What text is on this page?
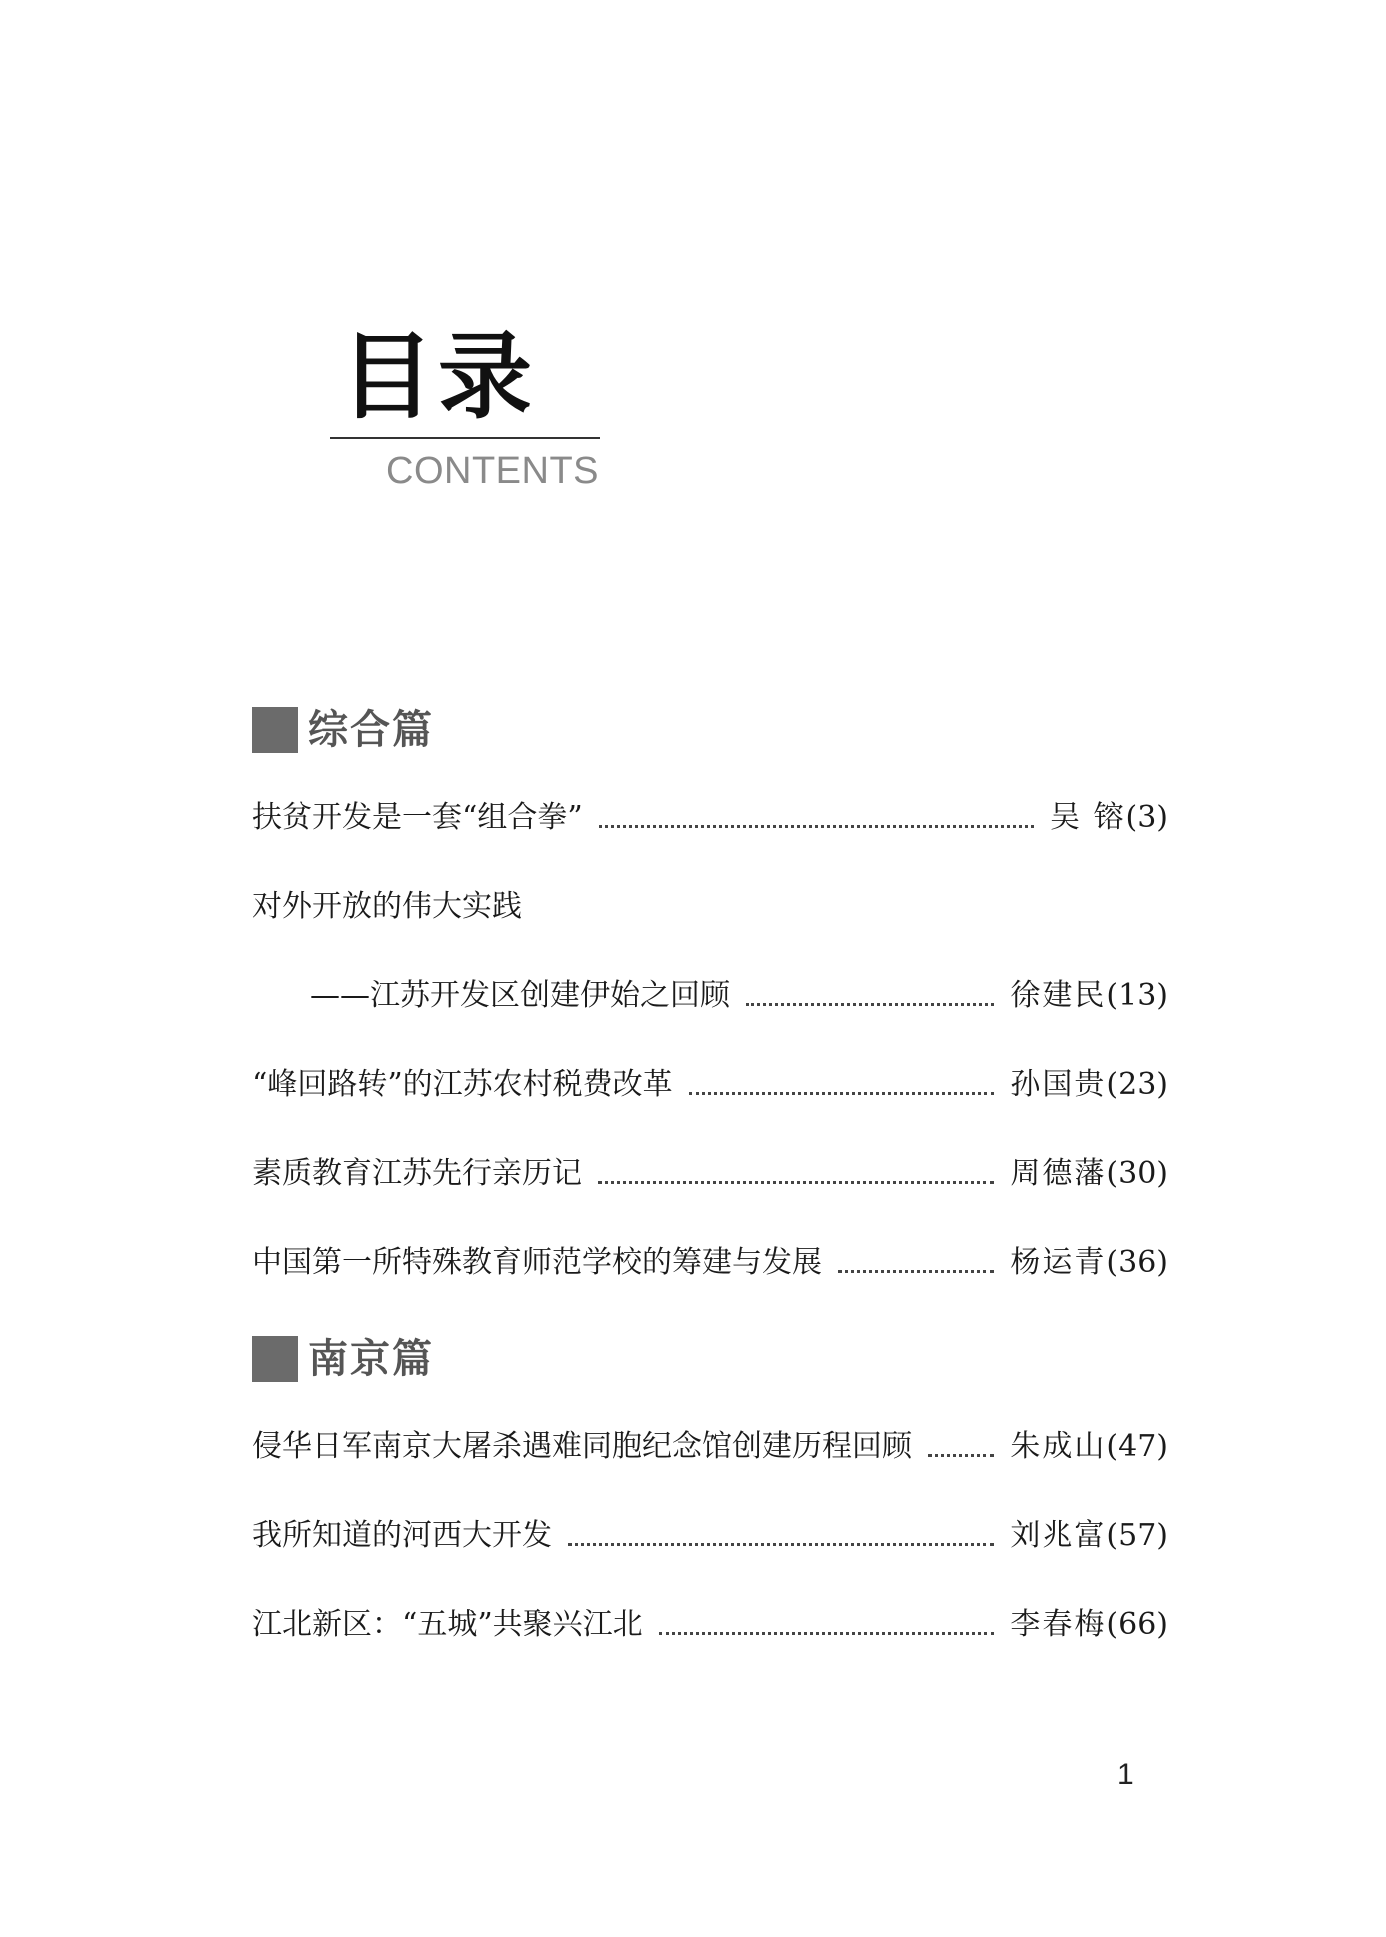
目录
CONTENTS
综合篇
扶贫开发是一套“组合拳”	吴 镕 (3)
对外开放的伟大实践
——江苏开发区创建伊始之回顾	徐建民 (13)
“峰回路转”的江苏农村税费改革	孙国贵 (23)
素质教育江苏先行亲历记	周德藩 (30)
中国第一所特殊教育师范学校的筹建与发展	杨运青 (36)
南京篇
侵华日军南京大屠杀遇难同胞纪念馆创建历程回顾	朱成山 (47)
我所知道的河西大开发	刘兆富 (57)
江北新区：“五城”共聚兴江北	李春梅 (66)
1
